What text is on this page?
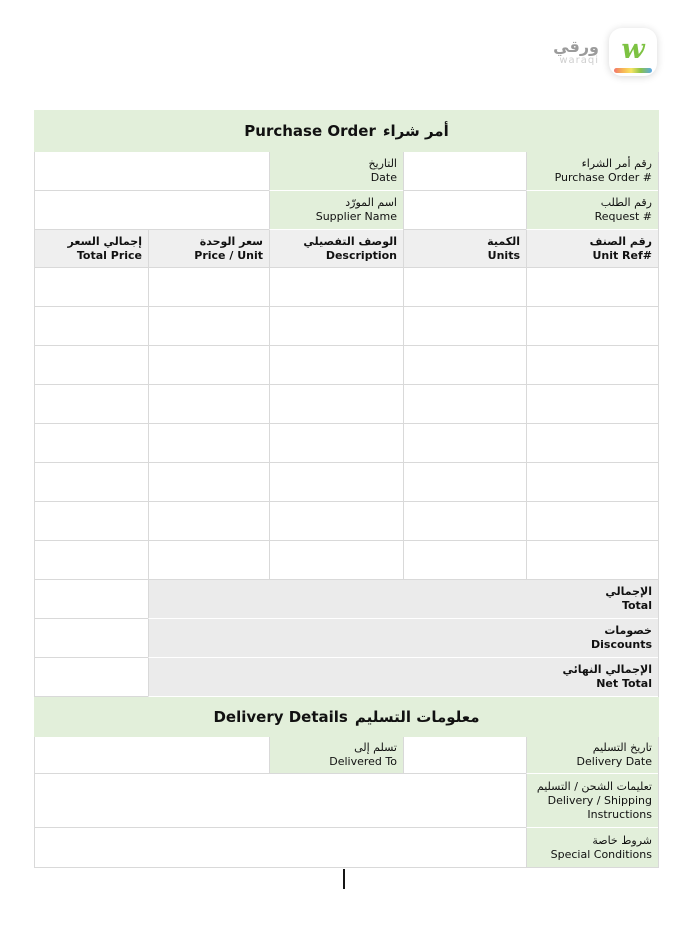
ورقي
waraqi w
أمر شراء
Purchase Order
رقم أمر الشراء
Purchase Order #
التاريخ
Date
رقم الطلب
Request #
اسم المورّد
Supplier Name
رقم الصنف
Unit Ref#
الكمية
Units
الوصف التفصيلي
Description
سعر الوحدة
Price / Unit
إجمالي السعر
Total Price
الإجمالي
Total
خصومات
Discounts
الإجمالي النهائي
Net Total
معلومات التسليم
Delivery Details
تاريخ التسليم
Delivery Date
تسلم إلى
Delivered To
تعليمات الشحن / التسليم
Delivery / Shipping Instructions
شروط خاصة
Special Conditions
